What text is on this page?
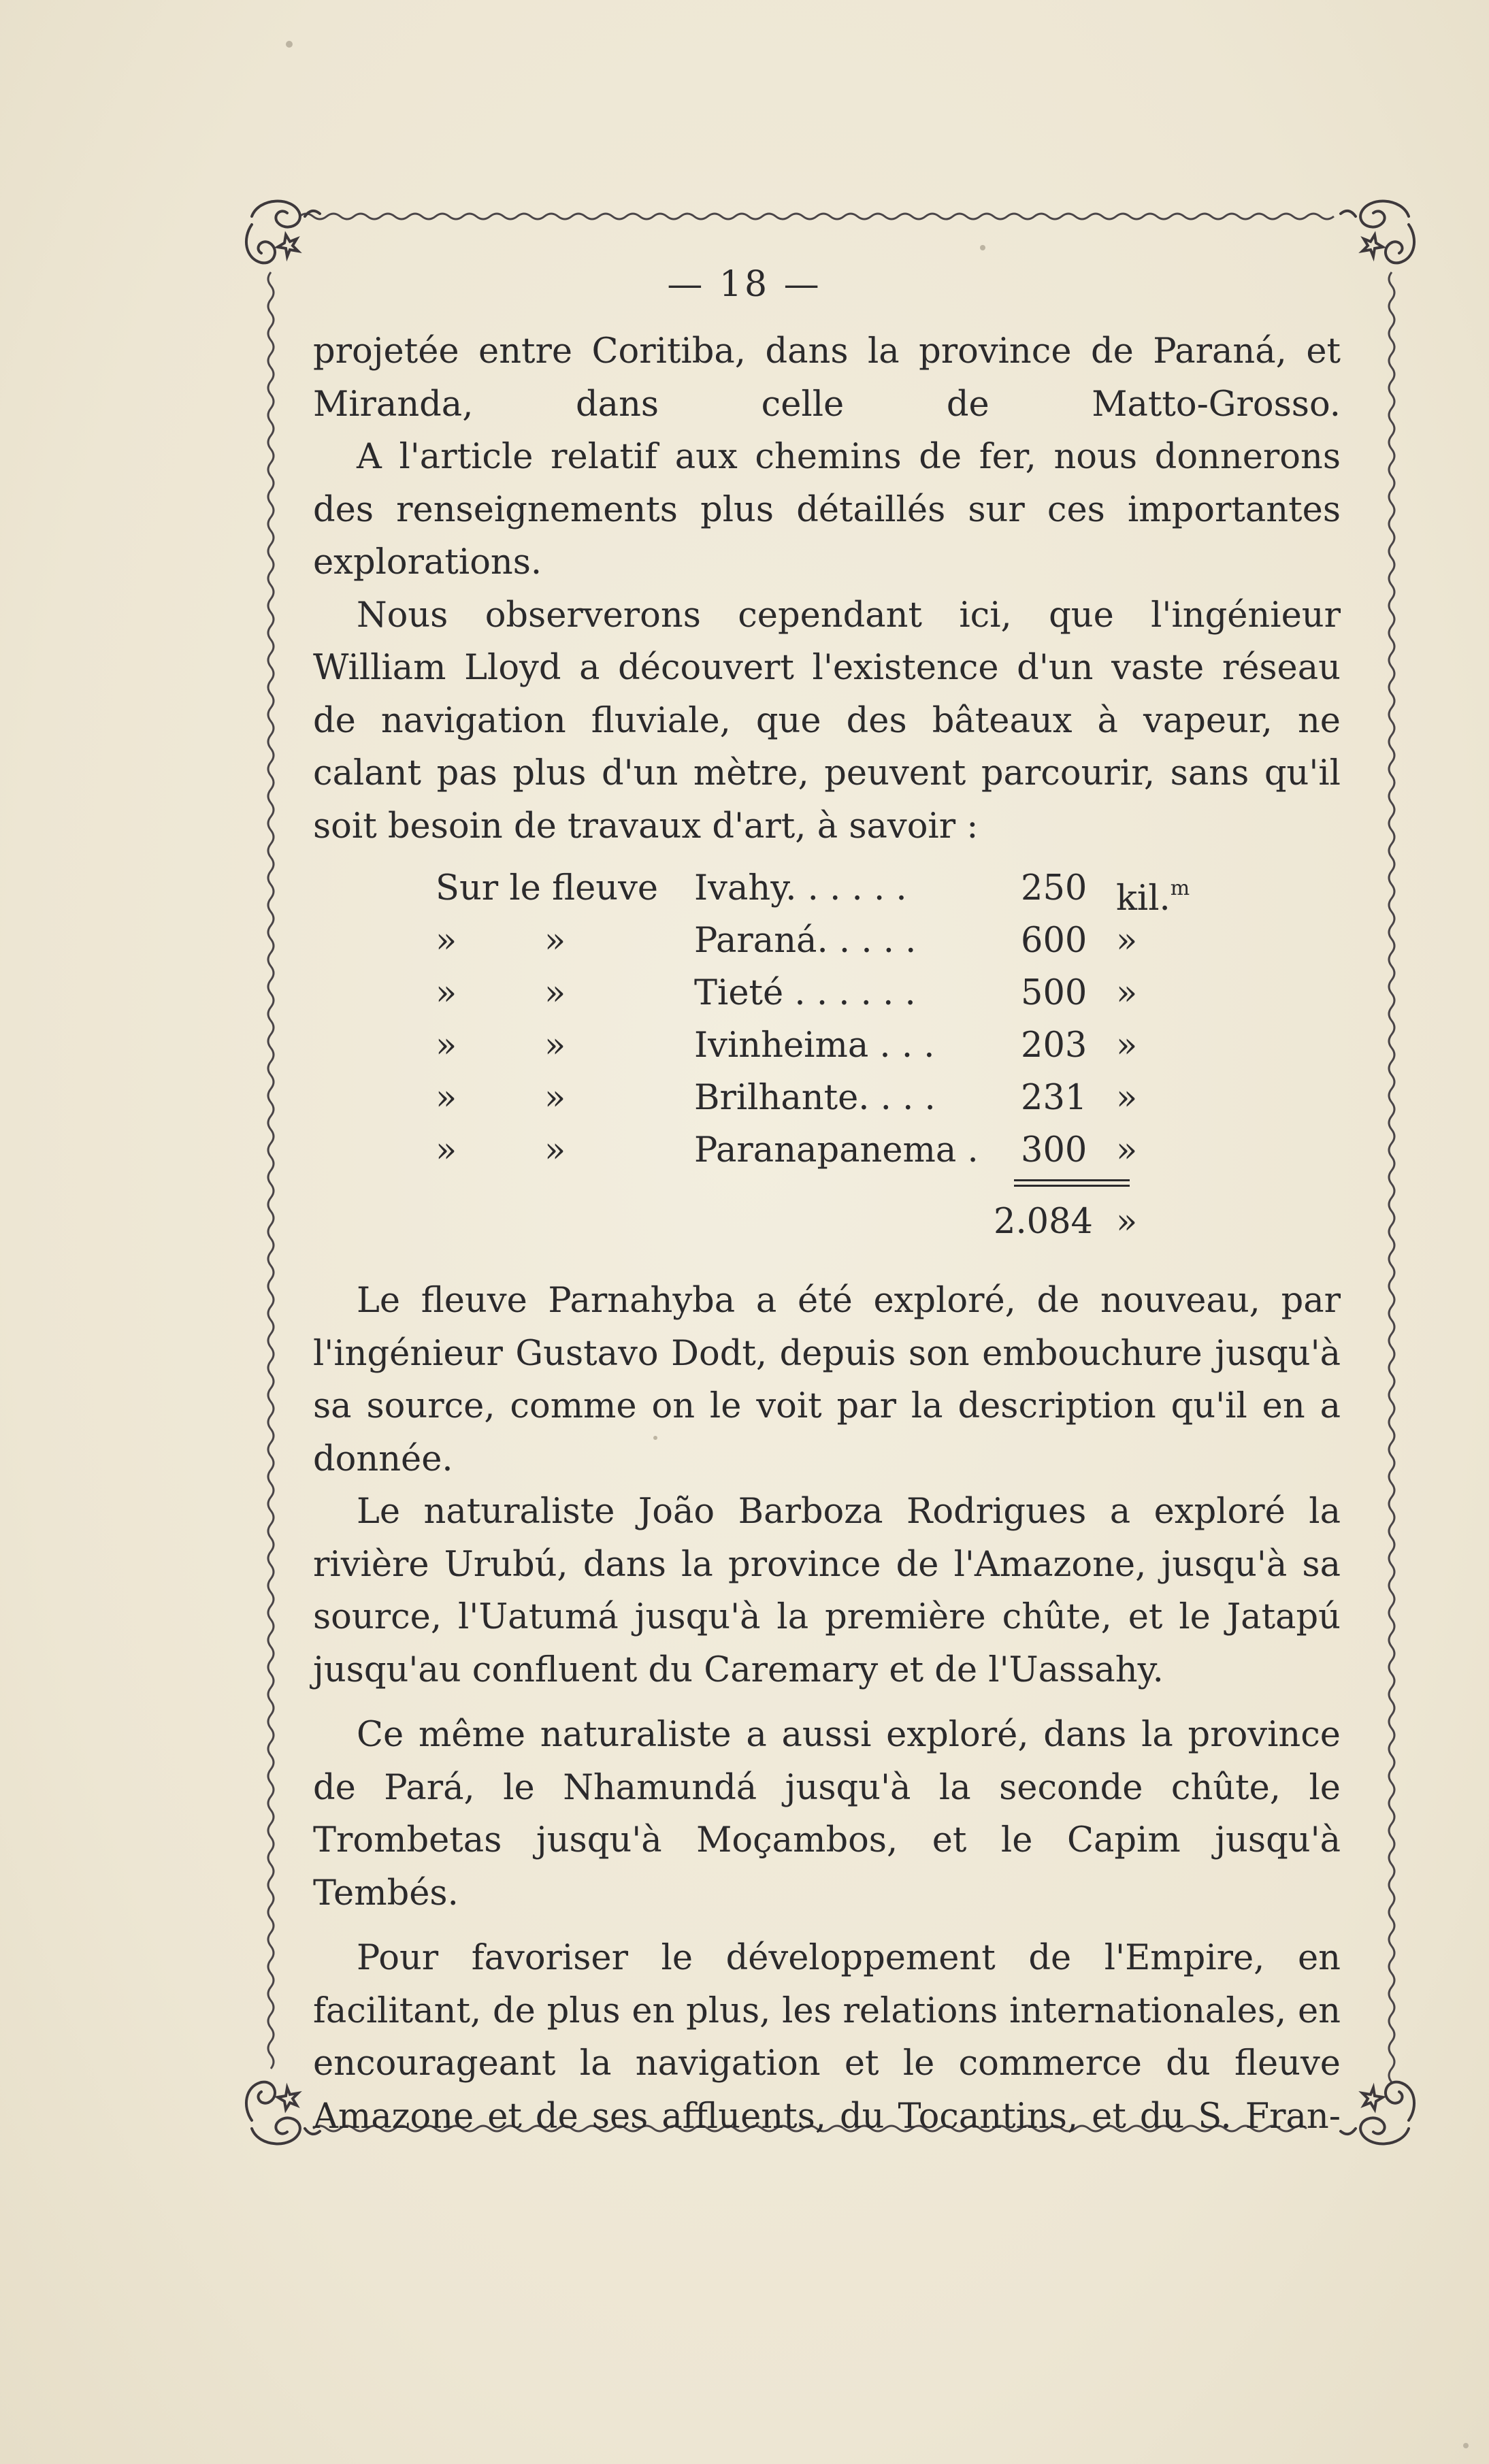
— 18 —

projetée entre Coritiba, dans la province de Paraná, et Miranda, dans celle de Matto-Grosso.

A l'article relatif aux chemins de fer, nous donnerons des renseignements plus détaillés sur ces importantes explorations.

Nous observerons cependant ici, que l'ingénieur William Lloyd a découvert l'existence d'un vaste réseau de navigation fluviale, que des bâteaux à vapeur, ne calant pas plus d'un mètre, peuvent parcourir, sans qu'il soit besoin de travaux d'art, à savoir :

Sur le fleuve Ivahy. . . . . .	250 kil.$^m$
»	»	Paraná. . . . .	600 »
»	»	Tieté . . . . . .	500 »
»	»	Ivinheima . . . 203 »
»	»	Brilhante. . . . 231 »
»	»	Paranapanema . 300 »
2.084 »

Le fleuve Parnahyba a été exploré, de nouveau, par l'ingénieur Gustavo Dodt, depuis son embouchure jusqu'à sa source, comme on le voit par la description qu'il en a donnée.

Le naturaliste João Barboza Rodrigues a exploré la rivière Urubú, dans la province de l'Amazone, jusqu'à sa source, l'Uatumá jusqu'à la première chûte, et le Jatapú jusqu'au confluent du Caremary et de l'Uassahy.

Ce même naturaliste a aussi exploré, dans la province de Pará, le Nhamundá jusqu'à la seconde chûte, le Trombetas jusqu'à Moçambos, et le Capim jusqu'à Tembés.

Pour favoriser le développement de l'Empire, en facilitant, de plus en plus, les relations internationales, en encourageant la navigation et le commerce du fleuve Amazone et de ses affluents, du Tocantins, et du S. Fran-
